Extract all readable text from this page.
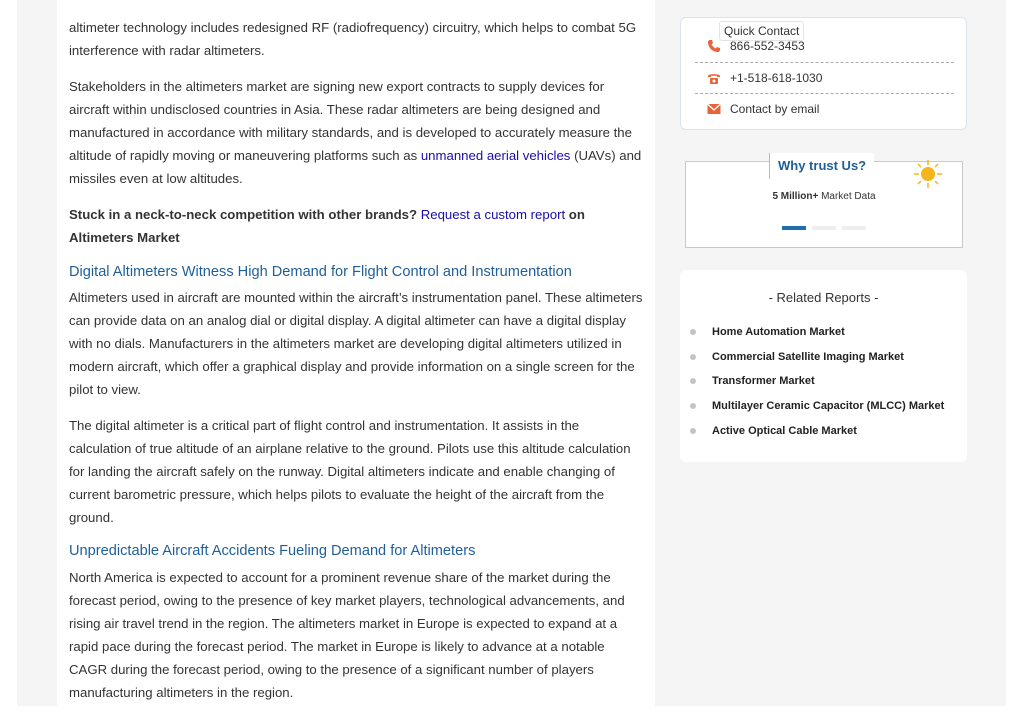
altimeter technology includes redesigned RF (radiofrequency) circuitry, which helps to combat 5G interference with radar altimeters.

Stakeholders in the altimeters market are signing new export contracts to supply devices for aircraft within undisclosed countries in Asia. These radar altimeters are being designed and manufactured in accordance with military standards, and is developed to accurately measure the altitude of rapidly moving or maneuvering platforms such as unmanned aerial vehicles (UAVs) and missiles even at low altitudes.

Stuck in a neck-to-neck competition with other brands? Request a custom report on Altimeters Market

Digital Altimeters Witness High Demand for Flight Control and Instrumentation

Altimeters used in aircraft are mounted within the aircraft’s instrumentation panel. These altimeters can provide data on an analog dial or digital display. A digital altimeter can have a digital display with no dials. Manufacturers in the altimeters market are developing digital altimeters utilized in modern aircraft, which offer a graphical display and provide information on a single screen for the pilot to view.

The digital altimeter is a critical part of flight control and instrumentation. It assists in the calculation of true altitude of an airplane relative to the ground. Pilots use this altitude calculation for landing the aircraft safely on the runway. Digital altimeters indicate and enable changing of current barometric pressure, which helps pilots to evaluate the height of the aircraft from the ground.

Unpredictable Aircraft Accidents Fueling Demand for Altimeters

North America is expected to account for a prominent revenue share of the market during the forecast period, owing to the presence of key market players, technological advancements, and rising air travel trend in the region. The altimeters market in Europe is expected to expand at a rapid pace during the forecast period. The market in Europe is likely to advance at a notable CAGR during the forecast period, owing to the presence of a significant number of players manufacturing altimeters in the region.

Quick Contact
866-552-3453
+1-518-618-1030
Contact by email
Why trust Us?
5 Million+ Market Data
- Related Reports -
Home Automation Market
Commercial Satellite Imaging Market
Transformer Market
Multilayer Ceramic Capacitor (MLCC) Market
Active Optical Cable Market
